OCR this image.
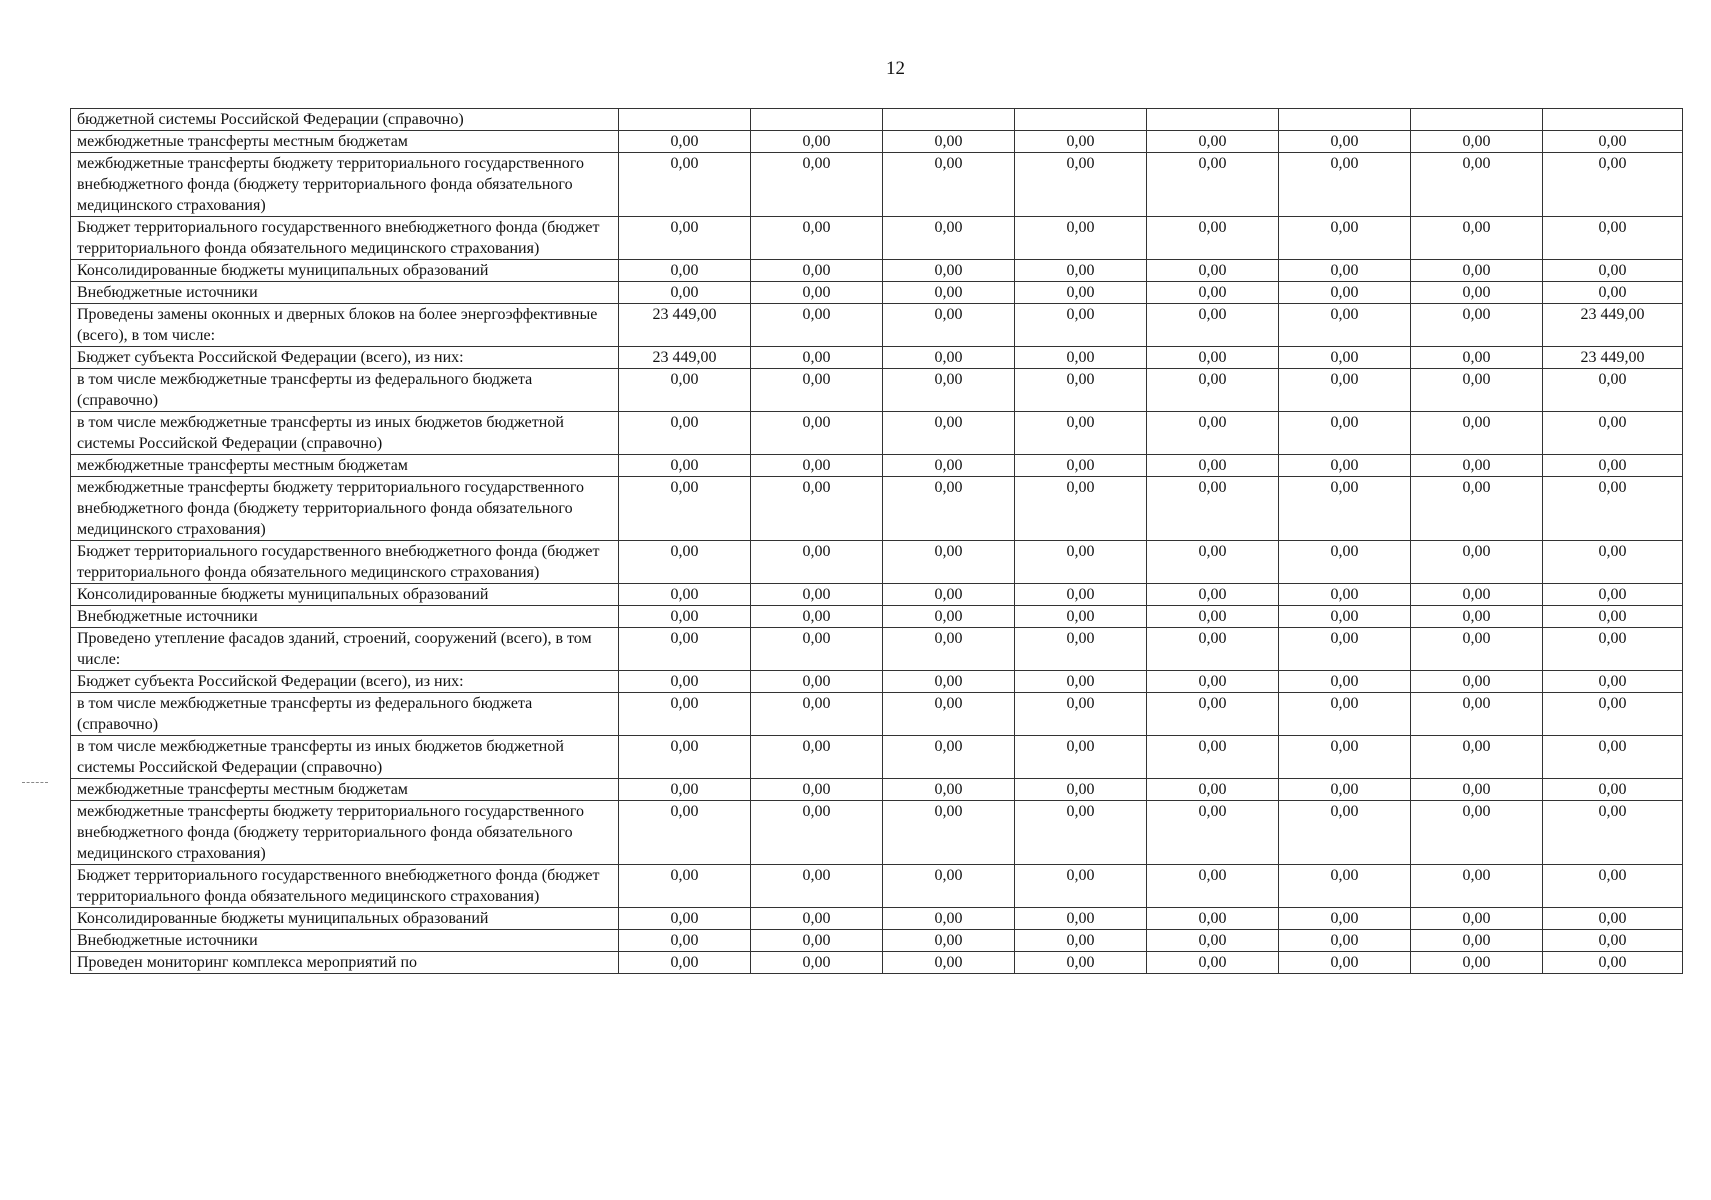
12
бюджетной системы Российской Федерации (справочно)								
межбюджетные трансферты местным бюджетам	0,00	0,00	0,00	0,00	0,00	0,00	0,00	0,00
межбюджетные трансферты бюджету территориального государственного внебюджетного фонда (бюджету территориального фонда обязательного медицинского страхования)	0,00	0,00	0,00	0,00	0,00	0,00	0,00	0,00
Бюджет территориального государственного внебюджетного фонда (бюджет территориального фонда обязательного медицинского страхования)	0,00	0,00	0,00	0,00	0,00	0,00	0,00	0,00
Консолидированные бюджеты муниципальных образований	0,00	0,00	0,00	0,00	0,00	0,00	0,00	0,00
Внебюджетные источники	0,00	0,00	0,00	0,00	0,00	0,00	0,00	0,00
Проведены замены оконных и дверных блоков на более энергоэффективные (всего), в том числе:	23 449,00	0,00	0,00	0,00	0,00	0,00	0,00	23 449,00
Бюджет субъекта Российской Федерации (всего), из них:	23 449,00	0,00	0,00	0,00	0,00	0,00	0,00	23 449,00
в том числе межбюджетные трансферты из федерального бюджета (справочно)	0,00	0,00	0,00	0,00	0,00	0,00	0,00	0,00
в том числе межбюджетные трансферты из иных бюджетов бюджетной системы Российской Федерации (справочно)	0,00	0,00	0,00	0,00	0,00	0,00	0,00	0,00
межбюджетные трансферты местным бюджетам	0,00	0,00	0,00	0,00	0,00	0,00	0,00	0,00
межбюджетные трансферты бюджету территориального государственного внебюджетного фонда (бюджету территориального фонда обязательного медицинского страхования)	0,00	0,00	0,00	0,00	0,00	0,00	0,00	0,00
Бюджет территориального государственного внебюджетного фонда (бюджет территориального фонда обязательного медицинского страхования)	0,00	0,00	0,00	0,00	0,00	0,00	0,00	0,00
Консолидированные бюджеты муниципальных образований	0,00	0,00	0,00	0,00	0,00	0,00	0,00	0,00
Внебюджетные источники	0,00	0,00	0,00	0,00	0,00	0,00	0,00	0,00
Проведено утепление фасадов зданий, строений, сооружений (всего), в том числе:	0,00	0,00	0,00	0,00	0,00	0,00	0,00	0,00
Бюджет субъекта Российской Федерации (всего), из них:	0,00	0,00	0,00	0,00	0,00	0,00	0,00	0,00
в том числе межбюджетные трансферты из федерального бюджета (справочно)	0,00	0,00	0,00	0,00	0,00	0,00	0,00	0,00
в том числе межбюджетные трансферты из иных бюджетов бюджетной системы Российской Федерации (справочно)	0,00	0,00	0,00	0,00	0,00	0,00	0,00	0,00
межбюджетные трансферты местным бюджетам	0,00	0,00	0,00	0,00	0,00	0,00	0,00	0,00
межбюджетные трансферты бюджету территориального государственного внебюджетного фонда (бюджету территориального фонда обязательного медицинского страхования)	0,00	0,00	0,00	0,00	0,00	0,00	0,00	0,00
Бюджет территориального государственного внебюджетного фонда (бюджет территориального фонда обязательного медицинского страхования)	0,00	0,00	0,00	0,00	0,00	0,00	0,00	0,00
Консолидированные бюджеты муниципальных образований	0,00	0,00	0,00	0,00	0,00	0,00	0,00	0,00
Внебюджетные источники	0,00	0,00	0,00	0,00	0,00	0,00	0,00	0,00
Проведен мониторинг комплекса мероприятий по	0,00	0,00	0,00	0,00	0,00	0,00	0,00	0,00
